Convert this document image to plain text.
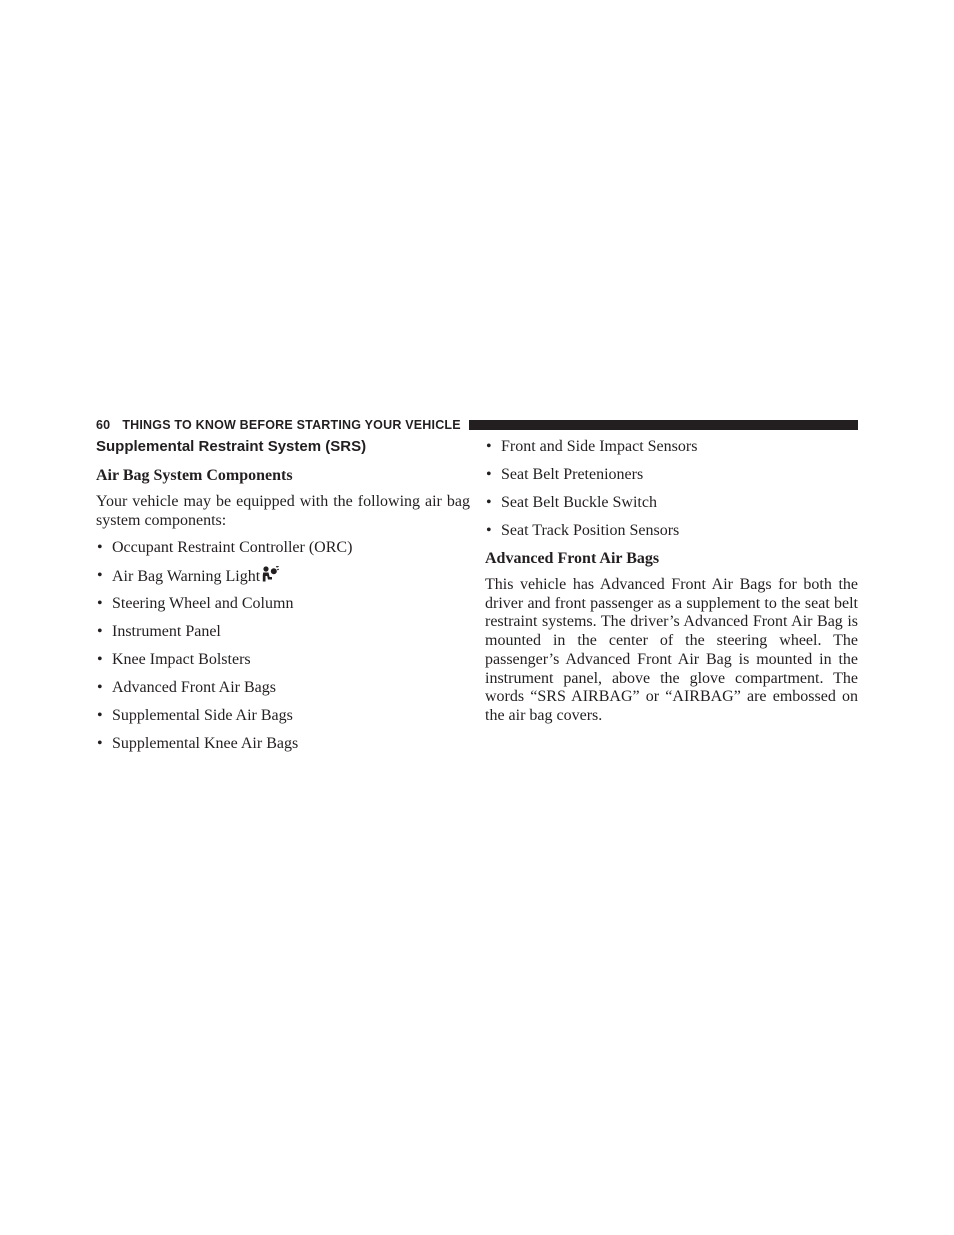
60 THINGS TO KNOW BEFORE STARTING YOUR VEHICLE
Supplemental Restraint System (SRS)
Air Bag System Components

Your vehicle may be equipped with the following air bag system components:

• Occupant Restraint Controller (ORC)
• Air Bag Warning Light
• Steering Wheel and Column
• Instrument Panel
• Knee Impact Bolsters
• Advanced Front Air Bags
• Supplemental Side Air Bags
• Supplemental Knee Air Bags
• Front and Side Impact Sensors
• Seat Belt Pretenioners
• Seat Belt Buckle Switch
• Seat Track Position Sensors
Advanced Front Air Bags

This vehicle has Advanced Front Air Bags for both the driver and front passenger as a supplement to the seat belt restraint systems. The driver’s Advanced Front Air Bag is mounted in the center of the steering wheel. The passenger’s Advanced Front Air Bag is mounted in the instrument panel, above the glove compartment. The words “SRS AIRBAG” or “AIRBAG” are embossed on the air bag covers.
